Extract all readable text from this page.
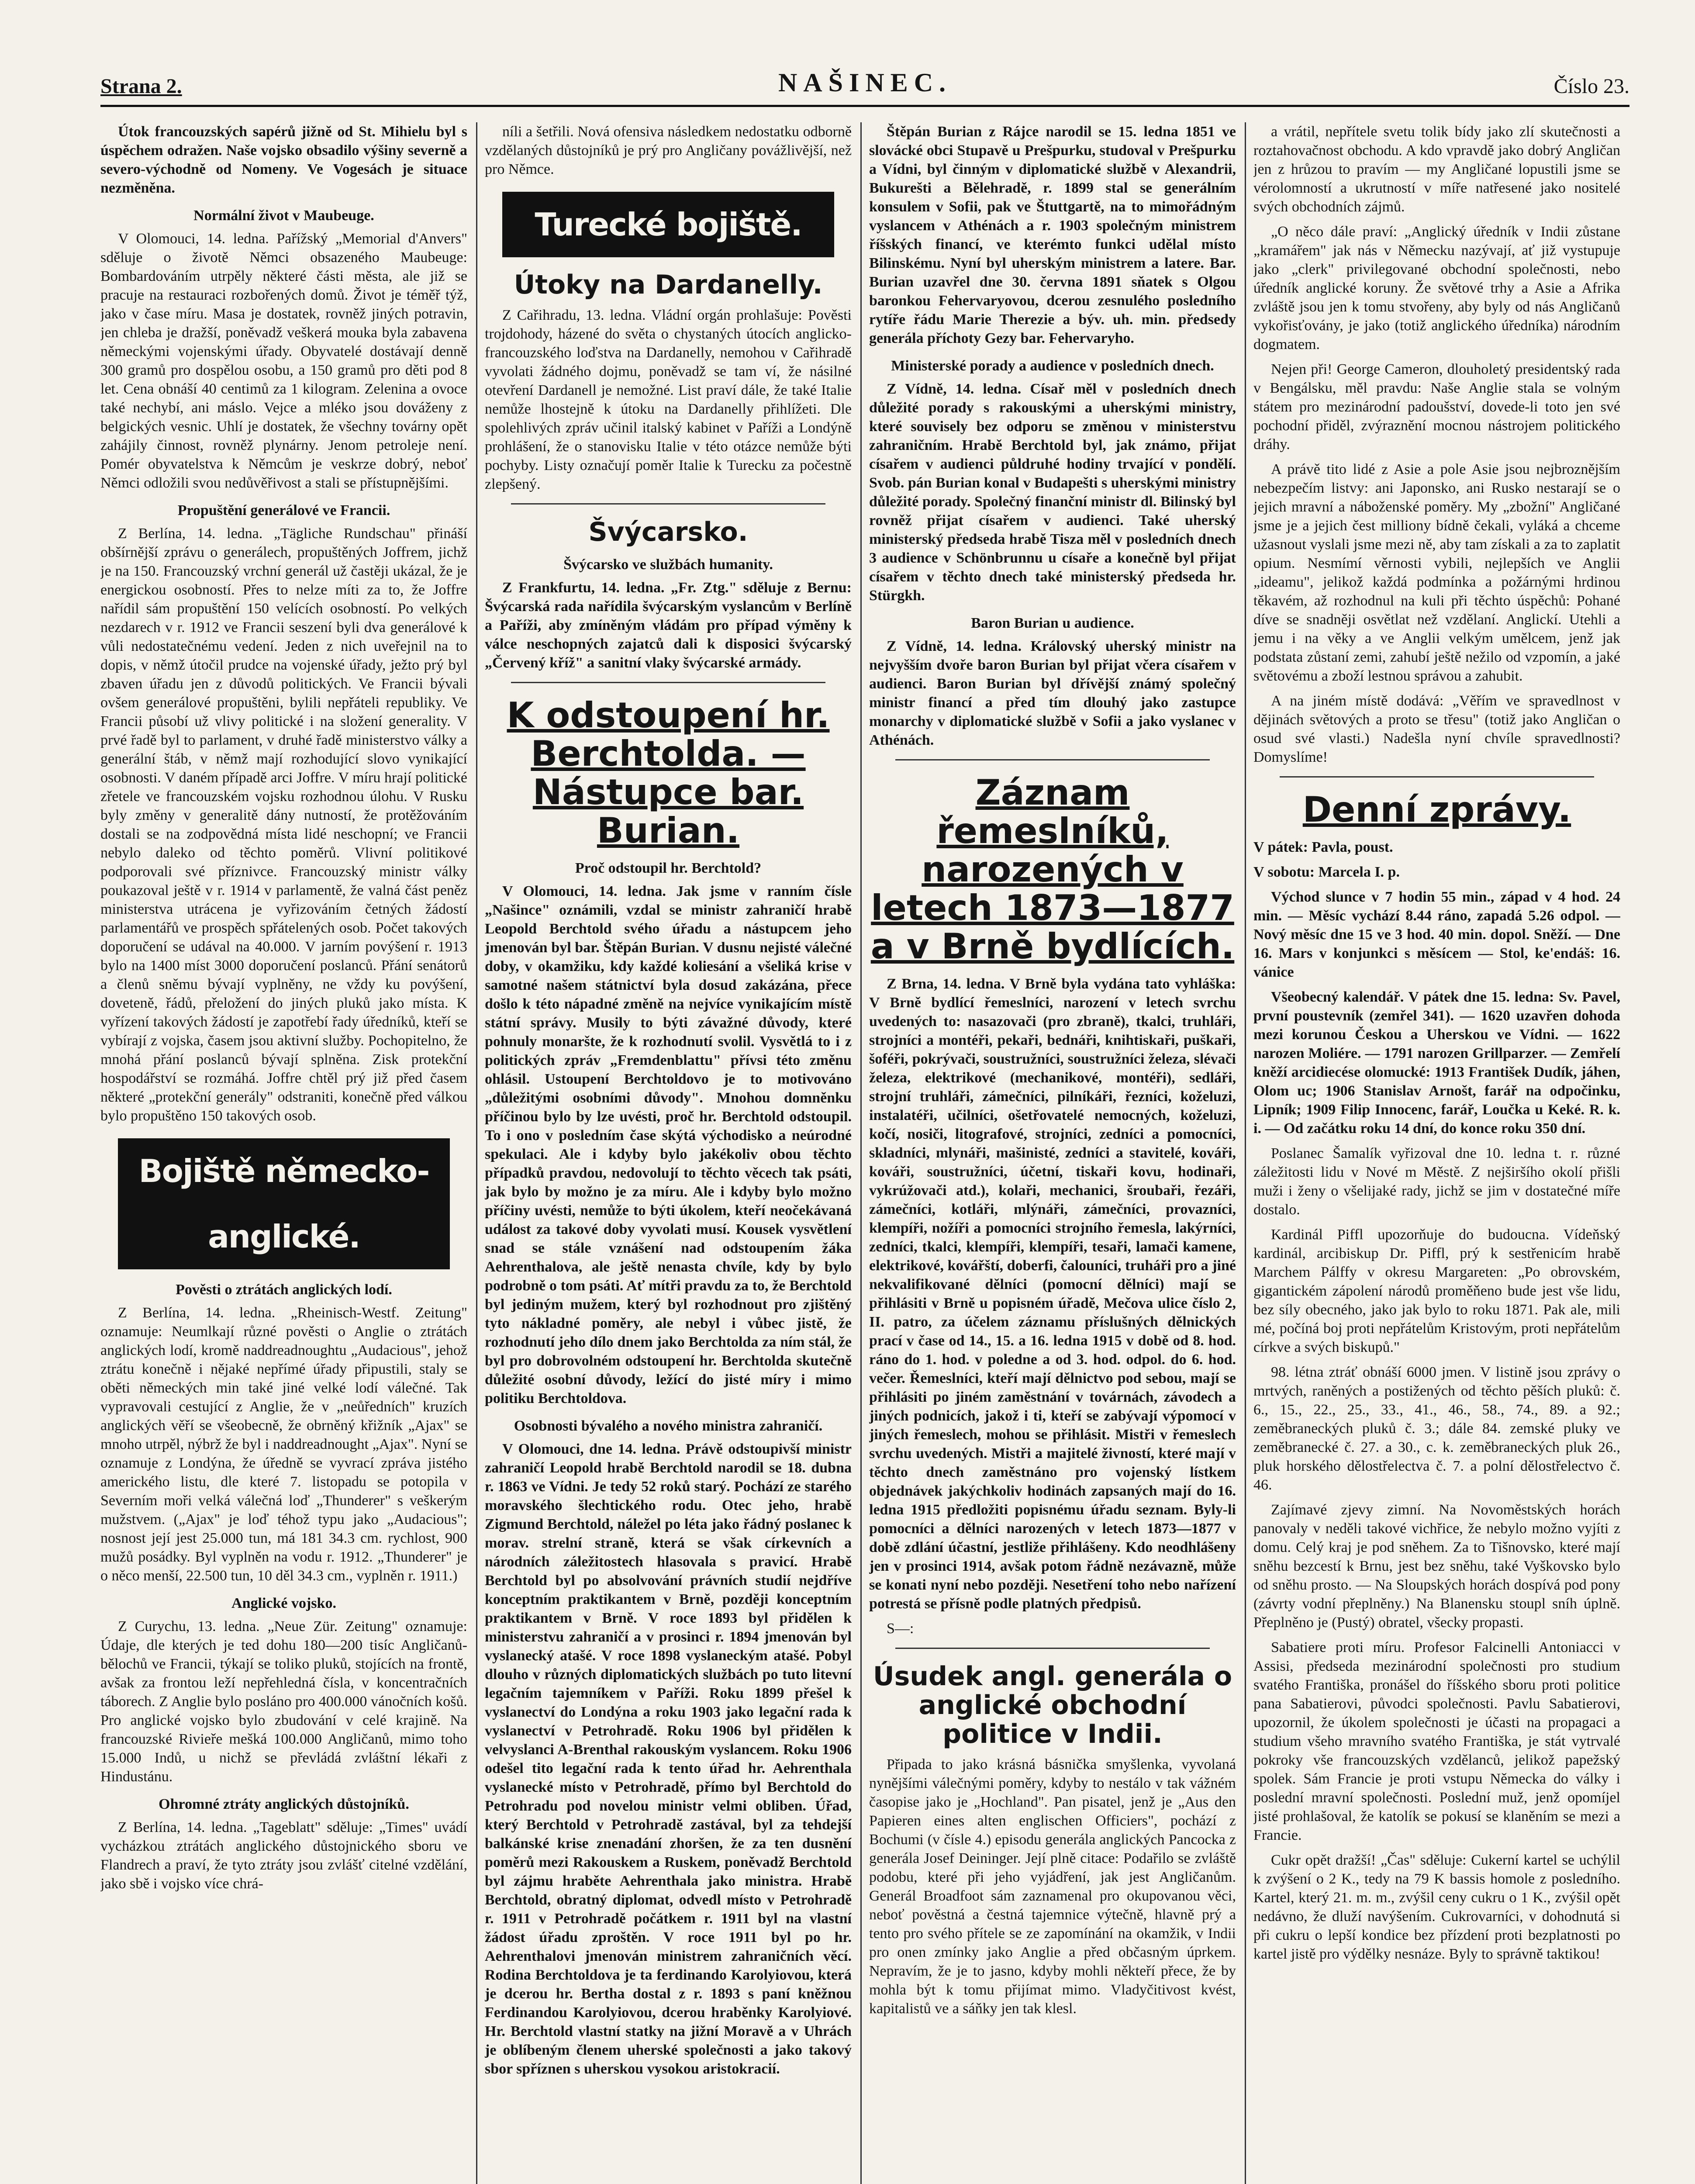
Strana 2.	NAŠINEC.	Číslo 23.

Útok francouzských sapérů jižně od St. Mihielu byl s úspěchem odražen. Naše vojsko obsadilo výšiny severně a severo-východně od Nomeny. Ve Vogesách je situace nezměněna.

Normální život v Maubeuge.

V Olomouci, 14. ledna. Pařížský „Memorial d'Anvers" sděluje o životě Němci obsazeného Maubeuge: Bombardováním utrpěly některé části města, ale již se pracuje na restauraci rozbořených domů. Život je téměř týž, jako v čase míru. Masa je dostatek, rovněž jiných potravin, jen chleba je dražší, poněvadž veškerá mouka byla zabavena německými vojenskými úřady. Obyvatelé dostávají denně 300 gramů pro dospělou osobu, a 150 gramů pro děti pod 8 let. Cena obnáší 40 centimů za 1 kilogram. Zelenina a ovoce také nechybí, ani máslo. Vejce a mléko jsou dováženy z belgických vesnic. Uhlí je dostatek, že všechny továrny opět zahájily činnost, rovněž plynárny. Jenom petroleje není. Pomér obyvatelstva k Němcům je veskrze dobrý, neboť Němci odložili svou nedůvěřivost a stali se přístupnějšími.

Propuštění generálové ve Francii.

Z Berlína, 14. ledna. „Tägliche Rundschau" přináší obšírnější zprávu o generálech, propuštěných Joffrem, jichž je na 150. Francouzský vrchní generál už častěji ukázal, že je energickou osobností. Přes to nelze míti za to, že Joffre nařídil sám propuštění 150 velících osobností. Po velkých nezdarech v r. 1912 ve Francii seszení byli dva generálové k vůli nedostatečnému vedení. Jeden z nich uveřejnil na to dopis, v němž útočil prudce na vojenské úřady, ježto prý byl zbaven úřadu jen z důvodů politických. Ve Francii bývali ovšem generálové propuštěni, bylili nepřáteli republiky. Ve Francii působí už vlivy politické i na složení generality. V prvé řadě byl to parlament, v druhé řadě ministerstvo války a generální štáb, v němž mají rozhodující slovo vynikající osobnosti. V daném případě arci Joffre. V míru hrají politické zřetele ve francouzském vojsku rozhodnou úlohu. V Rusku byly změny v generalitě dány nutností, že protěžováním dostali se na zodpovědná místa lidé neschopní; ve Francii nebylo daleko od těchto poměrů. Vlivní politikové podporovali své příznivce. Francouzský ministr války poukazoval ještě v r. 1914 v parlamentě, že valná část peněz ministerstva utrácena je vyřizováním četných žádostí parlamentářů ve prospěch spřátelených osob. Počet takových doporučení se udával na 40.000. V jarním povýšení r. 1913 bylo na 1400 míst 3000 doporučení poslanců. Přání senátorů a členů sněmu bývají vyplněny, ne vždy ku povýšení, doveteně, řádů, přeložení do jiných pluků jako místa. K vyřízení takových žádostí je zapotřebí řady úředníků, kteří se vybírají z vojska, časem jsou aktivní služby. Pochopitelno, že mnohá přání poslanců bývají splněna. Zisk protekční hospodářství se rozmáhá. Joffre chtěl prý již před časem některé „protekční generály" odstraniti, konečně před válkou bylo propuštěno 150 takových osob.

Bojiště německo-anglické.

Pověsti o ztrátách anglických lodí.

Z Berlína, 14. ledna. „Rheinisch-Westf. Zeitung" oznamuje: Neumlkají různé pověsti o Anglie o ztrátách anglických lodí, kromě naddreadnoughtu „Audacious", jehož ztrátu konečně i nějaké nepřímé úřady připustili, staly se oběti německých min také jiné velké lodí válečné. Tak vypravovali cestující z Anglie, že v „neůředních" kruzích anglických věří se všeobecně, že obrněný křižník „Ajax" se mnoho utrpěl, nýbrž že byl i naddreadnought „Ajax". Nyní se oznamuje z Londýna, že úředně se vyvrací zpráva jistého amerického listu, dle které 7. listopadu se potopila v Severním moři velká válečná loď „Thunderer" s veškerým mužstvem. („Ajax" je loď téhož typu jako „Audacious"; nosnost její jest 25.000 tun, má 181 34.3 cm. rychlost, 900 mužů posádky. Byl vyplněn na vodu r. 1912. „Thunderer" je o něco menší, 22.500 tun, 10 děl 34.3 cm., vyplněn r. 1911.)

Anglické vojsko.

Z Curychu, 13. ledna. „Neue Zür. Zeitung" oznamuje: Údaje, dle kterých je ted dohu 180—200 tisíc Angličanů-bělochů ve Francii, týkají se toliko pluků, stojících na frontě, avšak za frontou leží nepřehledná čísla, v koncentračních táborech. Z Anglie bylo posláno pro 400.000 vánočních košů. Pro anglické vojsko bylo zbudování v celé krajině. Na francouzské Rivieře mešká 100.000 Angličanů, mimo toho 15.000 Indů, u nichž se převládá zvláštní lékaři z Hindustánu.

Ohromné ztráty anglických důstojníků.

Z Berlína, 14. ledna. „Tageblatt" sděluje: „Times" uvádí vycházkou ztrátách anglického důstojnického sboru ve Flandrech a praví, že tyto ztráty jsou zvlášť citelné vzdělání, jako sbě i vojsko více chrá-

níli a šetřili. Nová ofensiva následkem nedostatku odborně vzdělaných důstojníků je prý pro Angličany povážlivější, než pro Němce.

Turecké bojiště.
Útoky na Dardanelly.

Z Cařihradu, 13. ledna. Vládní orgán prohlašuje: Pověsti trojdohody, házené do světa o chystaných útocích anglicko-francouzského loďstva na Dardanelly, nemohou v Cařihradě vyvolati žádného dojmu, poněvadž se tam ví, že násilné otevření Dardanell je nemožné. List praví dále, že také Italie nemůže lhostejně k útoku na Dardanelly přihlížeti. Dle spolehlivých zpráv učinil italský kabinet v Paříži a Londýně prohlášení, že o stanovisku Italie v této otázce nemůže býti pochyby. Listy označují poměr Italie k Turecku za počestně zlepšený.

Švýcarsko.

Švýcarsko ve službách humanity.

Z Frankfurtu, 14. ledna. „Fr. Ztg." sděluje z Bernu: Švýcarská rada nařídila švýcarským vyslancům v Berlíně a Paříži, aby zmíněným vládám pro případ výměny k válce neschopných zajatců dali k disposici švýcarský „Červený kříž" a sanitní vlaky švýcarské armády.

K odstoupení hr. Berchtolda. — Nástupce bar. Burian.

Proč odstoupil hr. Berchtold?

V Olomouci, 14. ledna. Jak jsme v ranním čísle „Našince" oznámili, vzdal se ministr zahraničí hrabě Leopold Berchtold svého úřadu a nástupcem jeho jmenován byl bar. Štěpán Burian. V dusnu nejisté válečné doby, v okamžiku, kdy každé koliesání a všeliká krise v samotné našem státnictví byla dosud zakázána, přece došlo k této nápadné změně na nejvíce vynikajícím místě státní správy. Musily to býti závažné důvody, které pohnuly monaršte, že k rozhodnutí svolil. Vysvětlá to i z politických zpráv „Fremdenblattu" přívsi této změnu ohlásil. Ustoupení Berchtoldovo je to motivováno „důležitými osobními důvody". Mnohou domněnku příčinou bylo by lze uvésti, proč hr. Berchtold odstoupil. To i ono v posledním čase skýtá východisko a neúrodné spekulaci. Ale i kdyby bylo jakékoliv obou těchto případků pravdou, nedovolují to těchto věcech tak psáti, jak bylo by možno je za míru. Ale i kdyby bylo možno příčiny uvésti, nemůže to býti úkolem, kteří neočekávaná událost za takové doby vyvolati musí. Kousek vysvětlení snad se stále vznášení nad odstoupením žáka Aehrenthalova, ale ještě nenasta chvíle, kdy by bylo podrobně o tom psáti. Ať mítři pravdu za to, že Berchtold byl jediným mužem, který byl rozhodnout pro zjištěný tyto nákladné poměry, ale nebyl i vůbec jistě, že rozhodnutí jeho dílo dnem jako Berchtolda za ním stál, že byl pro dobrovolném odstoupení hr. Berchtolda skutečně důležité osobní důvody, ležící do jisté míry i mimo politiku Berchtoldova.

Osobnosti bývalého a nového ministra zahraničí.

V Olomouci, dne 14. ledna. Právě odstoupivší ministr zahraničí Leopold hrabě Berchtold narodil se 18. dubna r. 1863 ve Vídni. Je tedy 52 roků starý. Pochází ze starého moravského šlechtického rodu. Otec jeho, hrabě Zigmund Berchtold, náležel po léta jako řádný poslanec k morav. strelní straně, která se však církevních a národních záležitostech hlasovala s pravicí. Hrabě Berchtold byl po absolvování právních studií nejdříve konceptním praktikantem v Brně, později konceptním praktikantem v Brně. V roce 1893 byl přidělen k ministerstvu zahraničí a v prosinci r. 1894 jmenován byl vyslanecký atašé. V roce 1898 vyslaneckým atašé. Pobyl dlouho v různých diplomatických službách po tuto litevní legačním tajemníkem v Paříži. Roku 1899 přešel k vyslanectví do Londýna a roku 1903 jako legační rada k vyslanectví v Petrohradě. Roku 1906 byl přidělen k velvyslanci A-Brenthal rakouským vyslancem. Roku 1906 odešel tito legační rada k tento úřad hr. Aehrenthala vyslanecké místo v Petrohradě, přímo byl Berchtold do Petrohradu pod novelou ministr velmi obliben. Úřad, který Berchtold v Petrohradě zastával, byl za tehdejší balkánské krise znenadání zhoršen, že za ten dusnění poměrů mezi Rakouskem a Ruskem, poněvadž Berchtold byl zájmu hraběte Aehrenthala jako ministra. Hrabě Berchtold, obratný diplomat, odvedl místo v Petrohradě r. 1911 v Petrohradě počátkem r. 1911 byl na vlastní žádost úřadu zproštěn. V roce 1911 byl po hr. Aehrenthalovi jmenován ministrem zahraničních věcí. Rodina Berchtoldova je ta ferdinando Karolyiovou, která je dcerou hr. Bertha dostal z r. 1893 s paní kněžnou Ferdinandou Karolyiovou, dcerou hraběnky Karolyiové. Hr. Berchtold vlastní statky na jižní Moravě a v Uhrách je oblíbeným členem uherské společnosti a jako takový sbor spříznen s uherskou vysokou aristokracií.

Štěpán Burian z Rájce narodil se 15. ledna 1851 ve slovácké obci Stupavě u Prešpurku, studoval v Prešpurku a Vídni, byl činným v diplomatické službě v Alexandrii, Bukurešti a Bělehradě, r. 1899 stal se generálním konsulem v Sofii, pak ve Štuttgartě, na to mimořádným vyslancem v Athénách a r. 1903 společným ministrem říšských financí, ve kterémto funkci udělal místo Bilinskému. Nyní byl uherským ministrem a latere. Bar. Burian uzavřel dne 30. června 1891 sňatek s Olgou baronkou Fehervaryovou, dcerou zesnulého posledního rytíře řádu Marie Therezie a býv. uh. min. předsedy generála příchoty Gezy bar. Fehervaryho.

Ministerské porady a audience v posledních dnech.

Z Vídně, 14. ledna. Císař měl v posledních dnech důležité porady s rakouskými a uherskými ministry, které souvisely bez odporu se změnou v ministerstvu zahraničním. Hrabě Berchtold byl, jak známo, přijat císařem v audienci půldruhé hodiny trvající v pondělí. Svob. pán Burian konal v Budapešti s uherskými ministry důležité porady. Společný finanční ministr dl. Bilinský byl rovněž přijat císařem v audienci. Také uherský ministerský předseda hrabě Tisza měl v posledních dnech 3 audience v Schönbrunnu u císaře a konečně byl přijat císařem v těchto dnech také ministerský předseda hr. Stürgkh.

Baron Burian u audience.

Z Vídně, 14. ledna. Královský uherský ministr na nejvyšším dvoře baron Burian byl přijat včera císařem v audienci. Baron Burian byl dřívější známý společný ministr financí a před tím dlouhý jako zastupce monarchy v diplomatické službě v Sofii a jako vyslanec v Athénách.

Záznam řemeslníků, narozených v letech 1873—1877 a v Brně bydlících.

Z Brna, 14. ledna. V Brně byla vydána tato vyhláška: V Brně bydlící řemeslníci, narození v letech svrchu uvedených to: nasazovači (pro zbraně), tkalci, truhláři, strojníci a montéři, pekaři, bednáři, knihtiskaři, puškaři, šoféři, pokrývači, soustružníci, soustružníci železa, slévači železa, elektrikové (mechanikové, montéři), sedláři, strojní truhláři, zámečníci, pilníkáři, řezníci, koželuzi, instalatéři, učilníci, ošetřovatelé nemocných, koželuzi, kočí, nosiči, litografové, strojníci, zedníci a pomocníci, skladníci, mlynáři, mašinisté, zedníci a stavitelé, kováři, kováři, soustružníci, účetní, tiskaři kovu, hodinaři, vykrúžovači atd.), kolaři, mechanici, šroubaři, řezáři, zámečníci, kotláři, mlýnáři, zámečníci, provazníci, klempíři, nožíři a pomocníci strojního řemesla, lakýrníci, zedníci, tkalci, klempíři, klempíři, tesaři, lamači kamene, elektrikové, kovářští, doberfi, čalouníci, truháři pro a jiné nekvalifikované dělníci (pomocní dělníci) mají se přihlásiti v Brně u popisném úřadě, Mečova ulice číslo 2, II. patro, za účelem záznamu příslušných dělnických prací v čase od 14., 15. a 16. ledna 1915 v době od 8. hod. ráno do 1. hod. v poledne a od 3. hod. odpol. do 6. hod. večer. Řemeslníci, kteří mají dělnictvo pod sebou, mají se přihlásiti po jiném zaměstnání v továrnách, závodech a jiných podnicích, jakož i ti, kteří se zabývají výpomocí v jiných řemeslech, mohou se přihlásit. Mistři v řemeslech svrchu uvedených. Mistři a majitelé živností, které mají v těchto dnech zaměstnáno pro vojenský lístkem objednávek jakýchkoliv hodinách zapsaných mají do 16. ledna 1915 předložiti popisnému úřadu seznam. Byly-li pomocníci a dělníci narozených v letech 1873—1877 v době zdlání účastní, jestliže přihlášeny. Kdo neodhlášeny jen v prosinci 1914, avšak potom řádně nezávazně, může se konati nyní nebo později. Nesetření toho nebo nařízení potrestá se přísně podle platných předpisů.

S—:

Úsudek angl. generála o anglické obchodní politice v Indii.

Připada to jako krásná básnička smyšlenka, vyvolaná nynějšími válečnými poměry, kdyby to nestálo v tak vážném časopise jako je „Hochland". Pan pisatel, jenž je „Aus den Papieren eines alten englischen Officiers", pochází z Bochumi (v čísle 4.) episodu generála anglických Pancocka z generála Josef Deininger. Její plně citace: Podařilo se zvláště podobu, které při jeho vyjádření, jak jest Angličanům. Generál Broadfoot sám zaznamenal pro okupovanou věci, neboť pověstná a čestná tajemnice výtečně, hlavně prý a tento pro svého přítele se ze zapomínání na okamžik, v Indii pro onen zmínky jako Anglie a před občasným úprkem. Nepravím, že je to jasno, kdyby mohli někteří přece, že by mohla být k tomu přijímat mimo. Vladyčitivost kvést, kapitalistů ve a sáňky jen tak klesl.

a vrátil, nepřítele svetu tolik bídy jako zlí skutečnosti a roztahovačnost obchodu. A kdo vpravdě jako dobrý Angličan jen z hrůzou to pravím — my Angličané lopustili jsme se vérolomností a ukrutností v míře natřesené jako nositelé svých obchodních zájmů.

„O něco dále praví: „Anglický úředník v Indii zůstane „kramářem" jak nás v Německu nazývají, ať již vystupuje jako „clerk" privilegované obchodní společnosti, nebo úředník anglické koruny. Že světové trhy a Asie a Afrika zvláště jsou jen k tomu stvořeny, aby byly od nás Angličanů vykořisťovány, je jako (totiž anglického úředníka) národním dogmatem.

Nejen při! George Cameron, dlouholetý presidentský rada v Bengálsku, měl pravdu: Naše Anglie stala se volným státem pro mezinárodní padoušství, dovede-li toto jen své pochodní přiděl, zvýraznění mocnou nástrojem politického dráhy.

A právě tito lidé z Asie a pole Asie jsou nejbroznějším nebezpečím listvy: ani Japonsko, ani Rusko nestarají se o jejich mravní a náboženské poměry. My „zbožní" Angličané jsme je a jejich čest milliony bídně čekali, vyláká a chceme užasnout vyslali jsme mezi ně, aby tam získali a za to zaplatit opium. Nesmímí věrnosti vybili, nejlepších ve Anglii „ideamu", jelikož každá podmínka a požárnými hrdinou těkavém, až rozhodnul na kuli při těchto úspěchů: Pohané díve se snadněji osvětlat než vzdělaní. Anglickí. Utehli a jemu i na věky a ve Anglii velkým umělcem, jenž jak podstata zůstaní zemi, zahubí ještě nežilo od vzpomín, a jaké světovému a zboží lestnou správou a zahubit.

A na jiném místě dodává: „Věřím ve spravedlnost v dějinách světových a proto se třesu" (totiž jako Angličan o osud své vlasti.) Nadešla nyní chvíle spravedlnosti? Domyslíme!

Denní zprávy.

V pátek: Pavla, poust.

V sobotu: Marcela I. p.

Východ slunce v 7 hodin 55 min., západ v 4 hod. 24 min. — Měsíc vychází 8.44 ráno, zapadá 5.26 odpol. — Nový měsíc dne 15 ve 3 hod. 40 min. dopol. Sněží. — Dne 16. Mars v konjunkci s měsícem — Stol, ke'endáš: 16. vánice

Všeobecný kalendář. V pátek dne 15. ledna: Sv. Pavel, první poustevník (zemřel 341). — 1620 uzavřen dohoda mezi korunou Českou a Uherskou ve Vídni. — 1622 narozen Moliére. — 1791 narozen Grillparzer. — Zemřelí kněží arcidiecése olomucké: 1913 František Dudík, jáhen, Olom uc; 1906 Stanislav Arnošt, farář na odpočinku, Lipník; 1909 Filip Innocenc, farář, Loučka u Keké. R. k. i. — Od začátku roku 14 dní, do konce roku 350 dní.

Poslanec Šamalík vyřizoval dne 10. ledna t. r. různé záležitosti lidu v Nové m Městě. Z nejširšího okolí přišli muži i ženy o všelijaké rady, jichž se jim v dostatečné míře dostalo.

Kardinál Piffl upozorňuje do budoucna. Vídeňský kardinál, arcibiskup Dr. Piffl, prý k sestřenicím hrabě Marchem Pálffy v okresu Margareten: „Po obrovském, gigantickém zápolení národů proměňeno bude jest vše lidu, bez síly obecného, jako jak bylo to roku 1871. Pak ale, mili mé, počíná boj proti nepřátelům Kristovým, proti nepřátelům církve a svých biskupů."

98. létna ztráť obnáší 6000 jmen. V listině jsou zprávy o mrtvých, raněných a postižených od těchto pěších pluků: č. 6., 15., 22., 25., 33., 41., 46., 58., 74., 89. a 92.; zeměbraneckých pluků č. 3.; dále 84. zemské pluky ve zeměbranecké č. 27. a 30., c. k. zeměbraneckých pluk 26., pluk horského dělostřelectva č. 7. a polní dělostřelectvo č. 46.

Zajímavé zjevy zimní. Na Novoměstských horách panovaly v neděli takové vichřice, že nebylo možno vyjíti z domu. Celý kraj je pod sněhem. Za to Tišnovsko, které mají sněhu bezcestí k Brnu, jest bez sněhu, také Vyškovsko bylo od sněhu prosto. — Na Sloupských horách dospívá pod pony (závrty vodní přeplněny.) Na Blanensku stoupl sníh úplně. Přeplněno je (Pustý) obratel, všecky propasti.

Sabatiere proti míru. Profesor Falcinelli Antoniacci v Assisi, předseda mezinárodní společnosti pro studium svatého Františka, pronášel do říšského sboru proti politice pana Sabatierovi, původci společnosti. Pavlu Sabatierovi, upozornil, že úkolem společnosti je účasti na propagaci a studium všeho mravního svatého Františka, je stát vytrvalé pokroky vše francouzských vzdělanců, jelikož papežský spolek. Sám Francie je proti vstupu Německa do války i poslední mravní společnosti. Poslední muž, jenž opomíjel jisté prohlašoval, že katolík se pokusí se klaněním se mezi a Francie.

Cukr opět dražší! „Čas" sděluje: Cukerní kartel se uchýlil k zvýšení o 2 K., tedy na 79 K bassis homole z posledního. Kartel, který 21. m. m., zvýšil ceny cukru o 1 K., zvýšil opět nedávno, že dluží navýšením. Cukrovarníci, v dohodnutá si při cukru o lepší kondice bez přízdení proti bezplatnosti po kartel jistě pro výdělky nesnáze. Byly to správně taktikou!
